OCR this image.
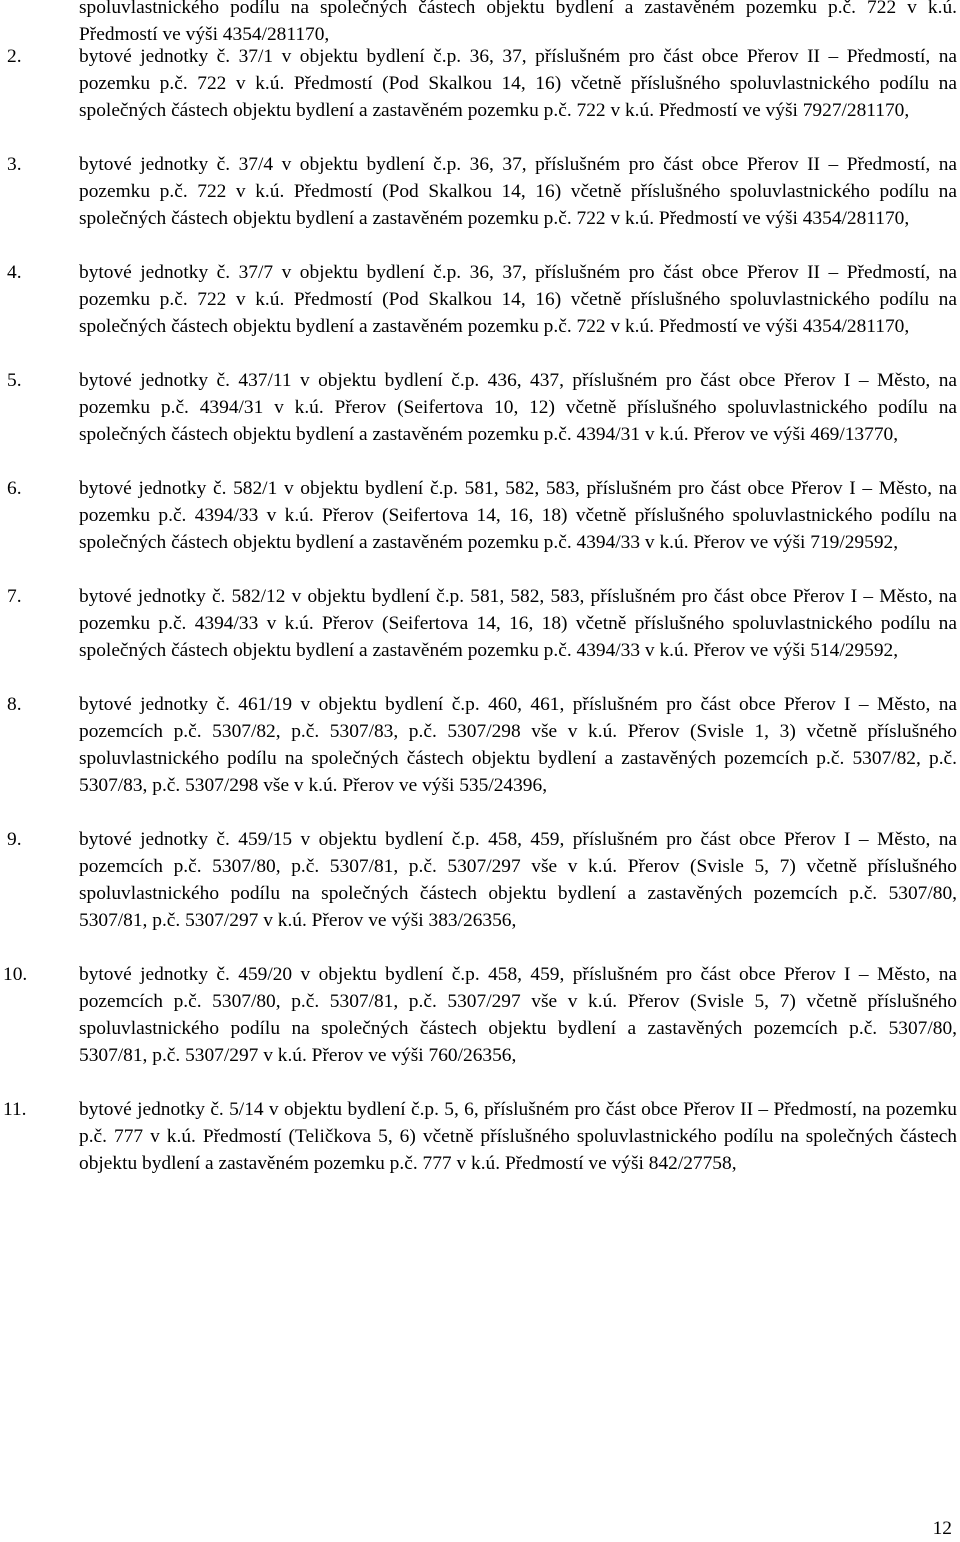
spoluvlastnického podílu na společných částech objektu bydlení a zastavěném pozemku p.č. 722 v k.ú. Předmostí ve výši 4354/281170,

2.	bytové jednotky č. 37/1 v objektu bydlení č.p. 36, 37, příslušném pro část obce Přerov II – Předmostí, na pozemku p.č. 722 v k.ú. Předmostí (Pod Skalkou 14, 16) včetně příslušného spoluvlastnického podílu na společných částech objektu bydlení a zastavěném pozemku p.č. 722 v k.ú. Předmostí ve výši 7927/281170,
3.	bytové jednotky č. 37/4 v objektu bydlení č.p. 36, 37, příslušném pro část obce Přerov II – Předmostí, na pozemku p.č. 722 v k.ú. Předmostí (Pod Skalkou 14, 16) včetně příslušného spoluvlastnického podílu na společných částech objektu bydlení a zastavěném pozemku p.č. 722 v k.ú. Předmostí ve výši 4354/281170,
4.	bytové jednotky č. 37/7 v objektu bydlení č.p. 36, 37, příslušném pro část obce Přerov II – Předmostí, na pozemku p.č. 722 v k.ú. Předmostí (Pod Skalkou 14, 16) včetně příslušného spoluvlastnického podílu na společných částech objektu bydlení a zastavěném pozemku p.č. 722 v k.ú. Předmostí ve výši 4354/281170,
5.	bytové jednotky č. 437/11 v objektu bydlení č.p. 436, 437, příslušném pro část obce Přerov I – Město, na pozemku p.č. 4394/31 v k.ú. Přerov (Seifertova 10, 12) včetně příslušného spoluvlastnického podílu na společných částech objektu bydlení a zastavěném pozemku p.č. 4394/31 v k.ú. Přerov ve výši 469/13770,
6.	bytové jednotky č. 582/1 v objektu bydlení č.p. 581, 582, 583, příslušném pro část obce Přerov I – Město, na pozemku p.č. 4394/33 v k.ú. Přerov (Seifertova 14, 16, 18) včetně příslušného spoluvlastnického podílu na společných částech objektu bydlení a zastavěném pozemku p.č. 4394/33 v k.ú. Přerov ve výši 719/29592,
7.	bytové jednotky č. 582/12 v objektu bydlení č.p. 581, 582, 583, příslušném pro část obce Přerov I – Město, na pozemku p.č. 4394/33 v k.ú. Přerov (Seifertova 14, 16, 18) včetně příslušného spoluvlastnického podílu na společných částech objektu bydlení a zastavěném pozemku p.č. 4394/33 v k.ú. Přerov ve výši 514/29592,
8.	bytové jednotky č. 461/19 v objektu bydlení č.p. 460, 461, příslušném pro část obce Přerov I – Město, na pozemcích p.č. 5307/82, p.č. 5307/83, p.č. 5307/298 vše v k.ú. Přerov (Svisle 1, 3) včetně příslušného spoluvlastnického podílu na společných částech objektu bydlení a zastavěných pozemcích p.č. 5307/82, p.č. 5307/83, p.č. 5307/298 vše v k.ú. Přerov ve výši 535/24396,
9.	bytové jednotky č. 459/15 v objektu bydlení č.p. 458, 459, příslušném pro část obce Přerov I – Město, na pozemcích p.č. 5307/80, p.č. 5307/81, p.č. 5307/297 vše v k.ú. Přerov (Svisle 5, 7) včetně příslušného spoluvlastnického podílu na společných částech objektu bydlení a zastavěných pozemcích p.č. 5307/80, 5307/81, p.č. 5307/297 v k.ú. Přerov ve výši 383/26356,
10.	bytové jednotky č. 459/20 v objektu bydlení č.p. 458, 459, příslušném pro část obce Přerov I – Město, na pozemcích p.č. 5307/80, p.č. 5307/81, p.č. 5307/297 vše v k.ú. Přerov (Svisle 5, 7) včetně příslušného spoluvlastnického podílu na společných částech objektu bydlení a zastavěných pozemcích p.č. 5307/80, 5307/81, p.č. 5307/297 v k.ú. Přerov ve výši 760/26356,
11.	bytové jednotky č. 5/14 v objektu bydlení č.p. 5, 6, příslušném pro část obce Přerov II – Předmostí, na pozemku p.č. 777 v k.ú. Předmostí (Teličkova 5, 6) včetně příslušného spoluvlastnického podílu na společných částech objektu bydlení a zastavěném pozemku p.č. 777 v k.ú. Předmostí ve výši 842/27758,
12
